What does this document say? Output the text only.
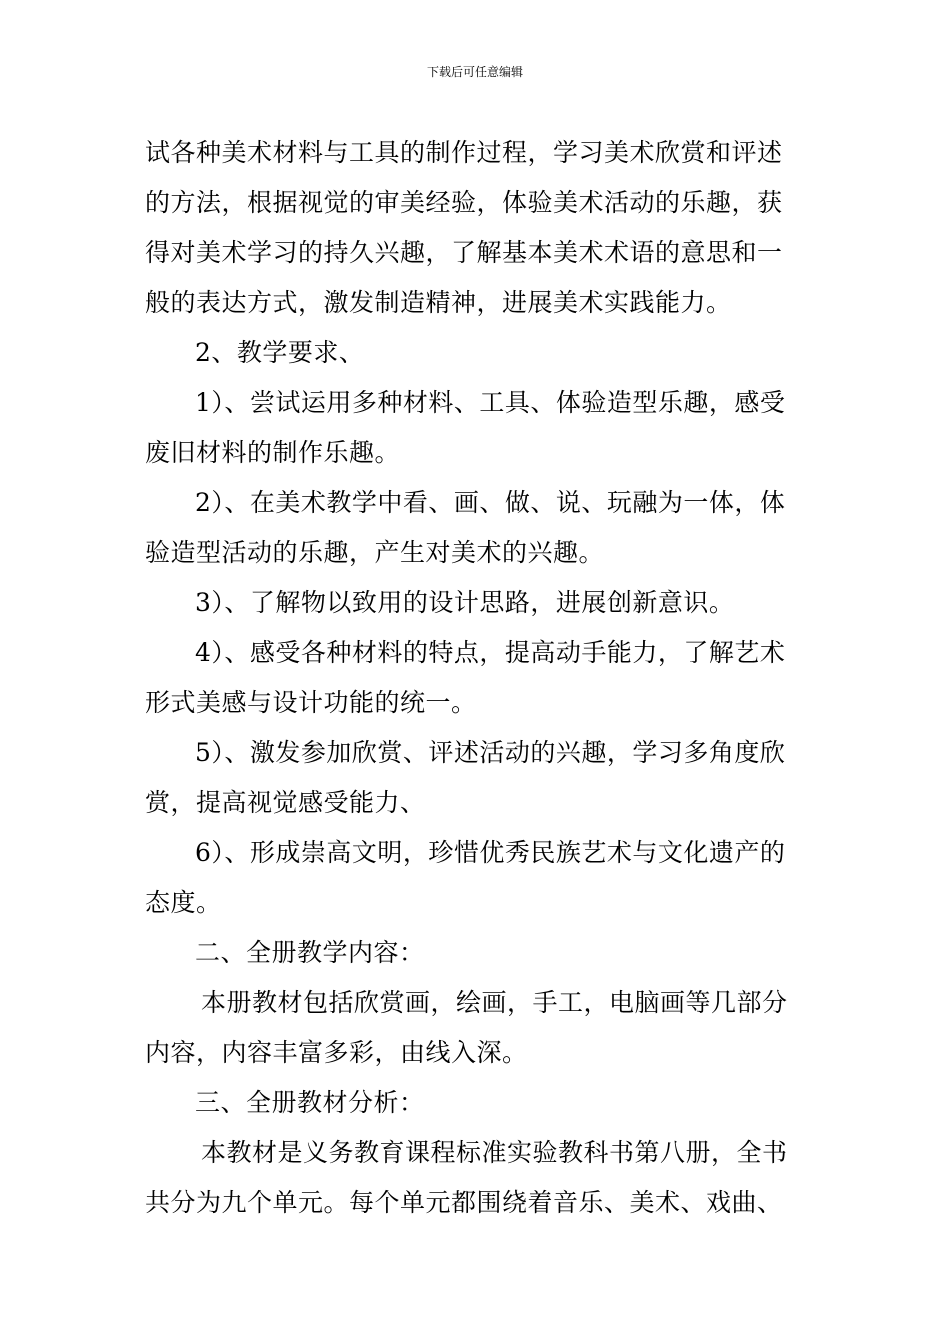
下载后可任意编辑
试各种美术材料与工具的制作过程，学习美术欣赏和评述
的方法，根据视觉的审美经验，体验美术活动的乐趣，获
得对美术学习的持久兴趣，了解基本美术术语的意思和一
般的表达方式，激发制造精神，进展美术实践能力。
2、教学要求、
1）、尝试运用多种材料、工具、体验造型乐趣，感受
废旧材料的制作乐趣。
2）、在美术教学中看、画、做、说、玩融为一体，体
验造型活动的乐趣，产生对美术的兴趣。
3）、了解物以致用的设计思路，进展创新意识。
4）、感受各种材料的特点，提高动手能力，了解艺术
形式美感与设计功能的统一。
5）、激发参加欣赏、评述活动的兴趣，学习多角度欣
赏，提高视觉感受能力、
6）、形成崇高文明，珍惜优秀民族艺术与文化遗产的
态度。
二、全册教学内容：
本册教材包括欣赏画，绘画，手工，电脑画等几部分
内容，内容丰富多彩，由线入深。
三、全册教材分析：
本教材是义务教育课程标准实验教科书第八册，全书
共分为九个单元。每个单元都围绕着音乐、美术、戏曲、
